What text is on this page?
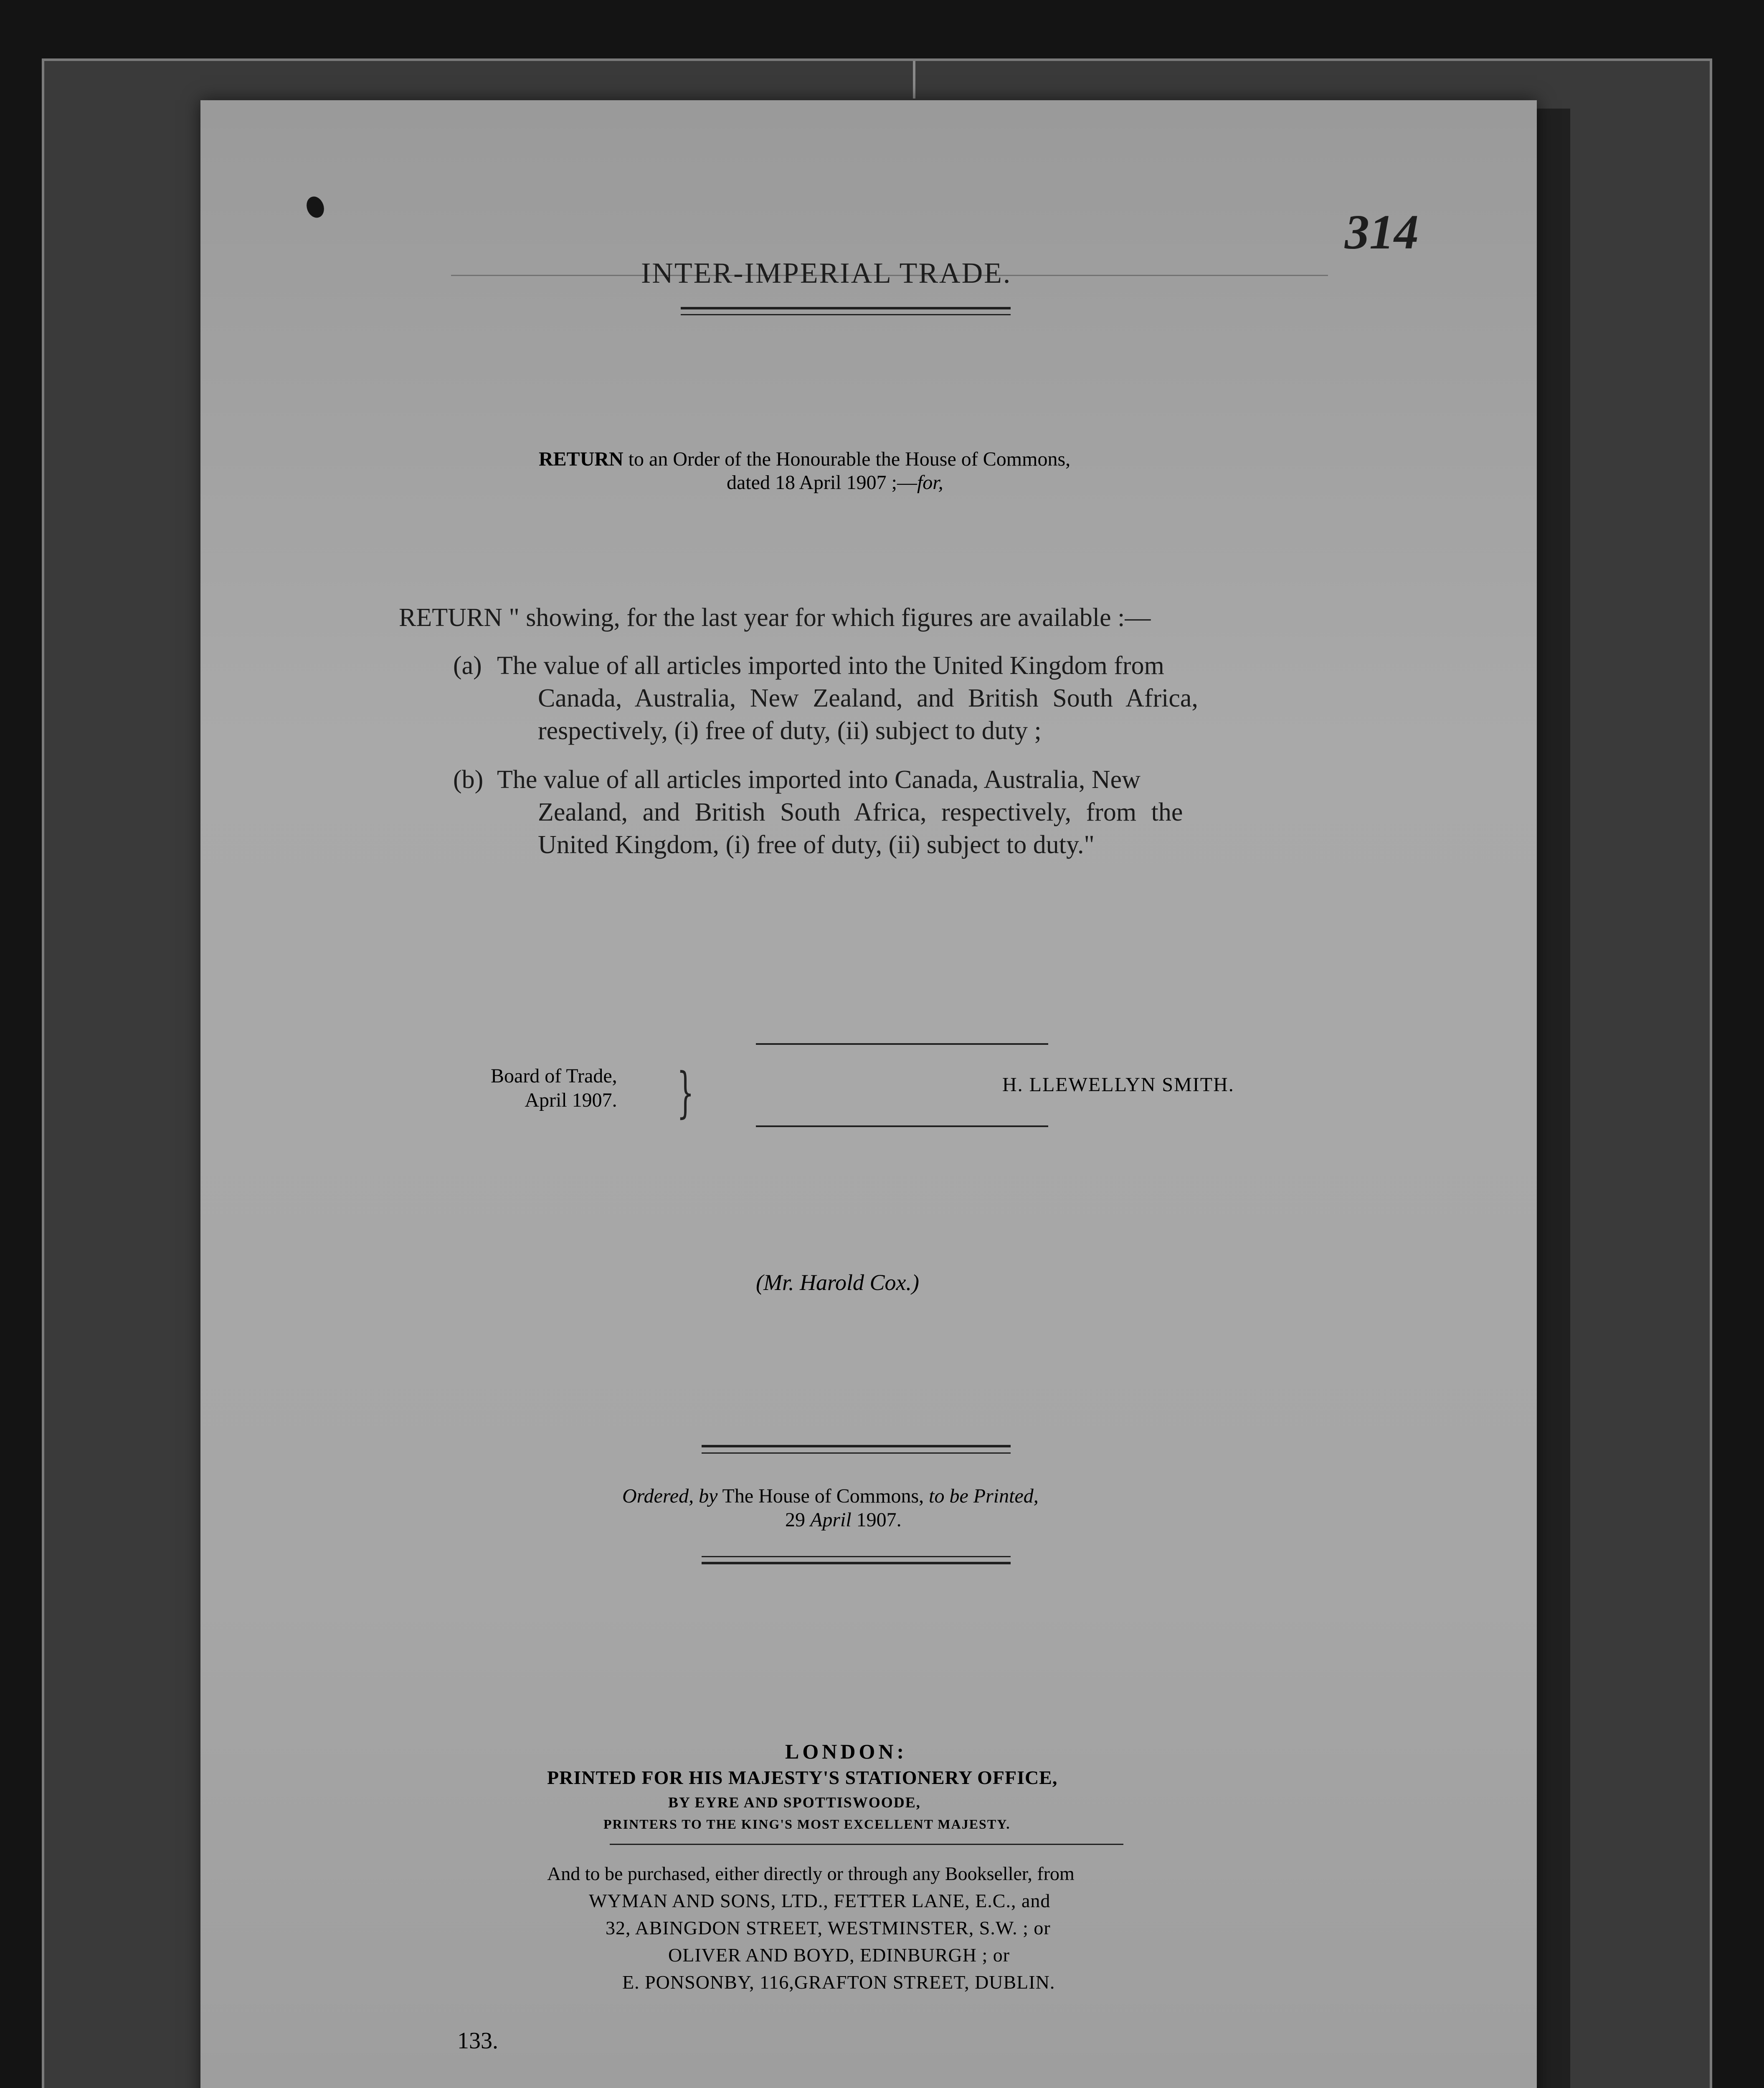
314
INTER-IMPERIAL TRADE.
RETURN to an Order of the Honourable the House of Commons,
dated 18 April 1907 ;—for,
RETURN " showing, for the last year for which figures are available :—
(a) The value of all articles imported into the United Kingdom from
Canada, Australia, New Zealand, and British South Africa,
respectively, (i) free of duty, (ii) subject to duty ;
(b) The value of all articles imported into Canada, Australia, New
Zealand, and British South Africa, respectively, from the
United Kingdom, (i) free of duty, (ii) subject to duty."
Board of Trade,
April 1907. }	H. LLEWELLYN SMITH.
(Mr. Harold Cox.)
Ordered, by The House of Commons, to be Printed,
29 April 1907.
LONDON:
PRINTED FOR HIS MAJESTY'S STATIONERY OFFICE,
BY EYRE AND SPOTTISWOODE,
PRINTERS TO THE KING'S MOST EXCELLENT MAJESTY.
And to be purchased, either directly or through any Bookseller, from
WYMAN AND SONS, LTD., FETTER LANE, E.C., and
32, ABINGDON STREET, WESTMINSTER, S.W. ; or
OLIVER AND BOYD, EDINBURGH ; or
E. PONSONBY, 116,GRAFTON STREET, DUBLIN.
133.
